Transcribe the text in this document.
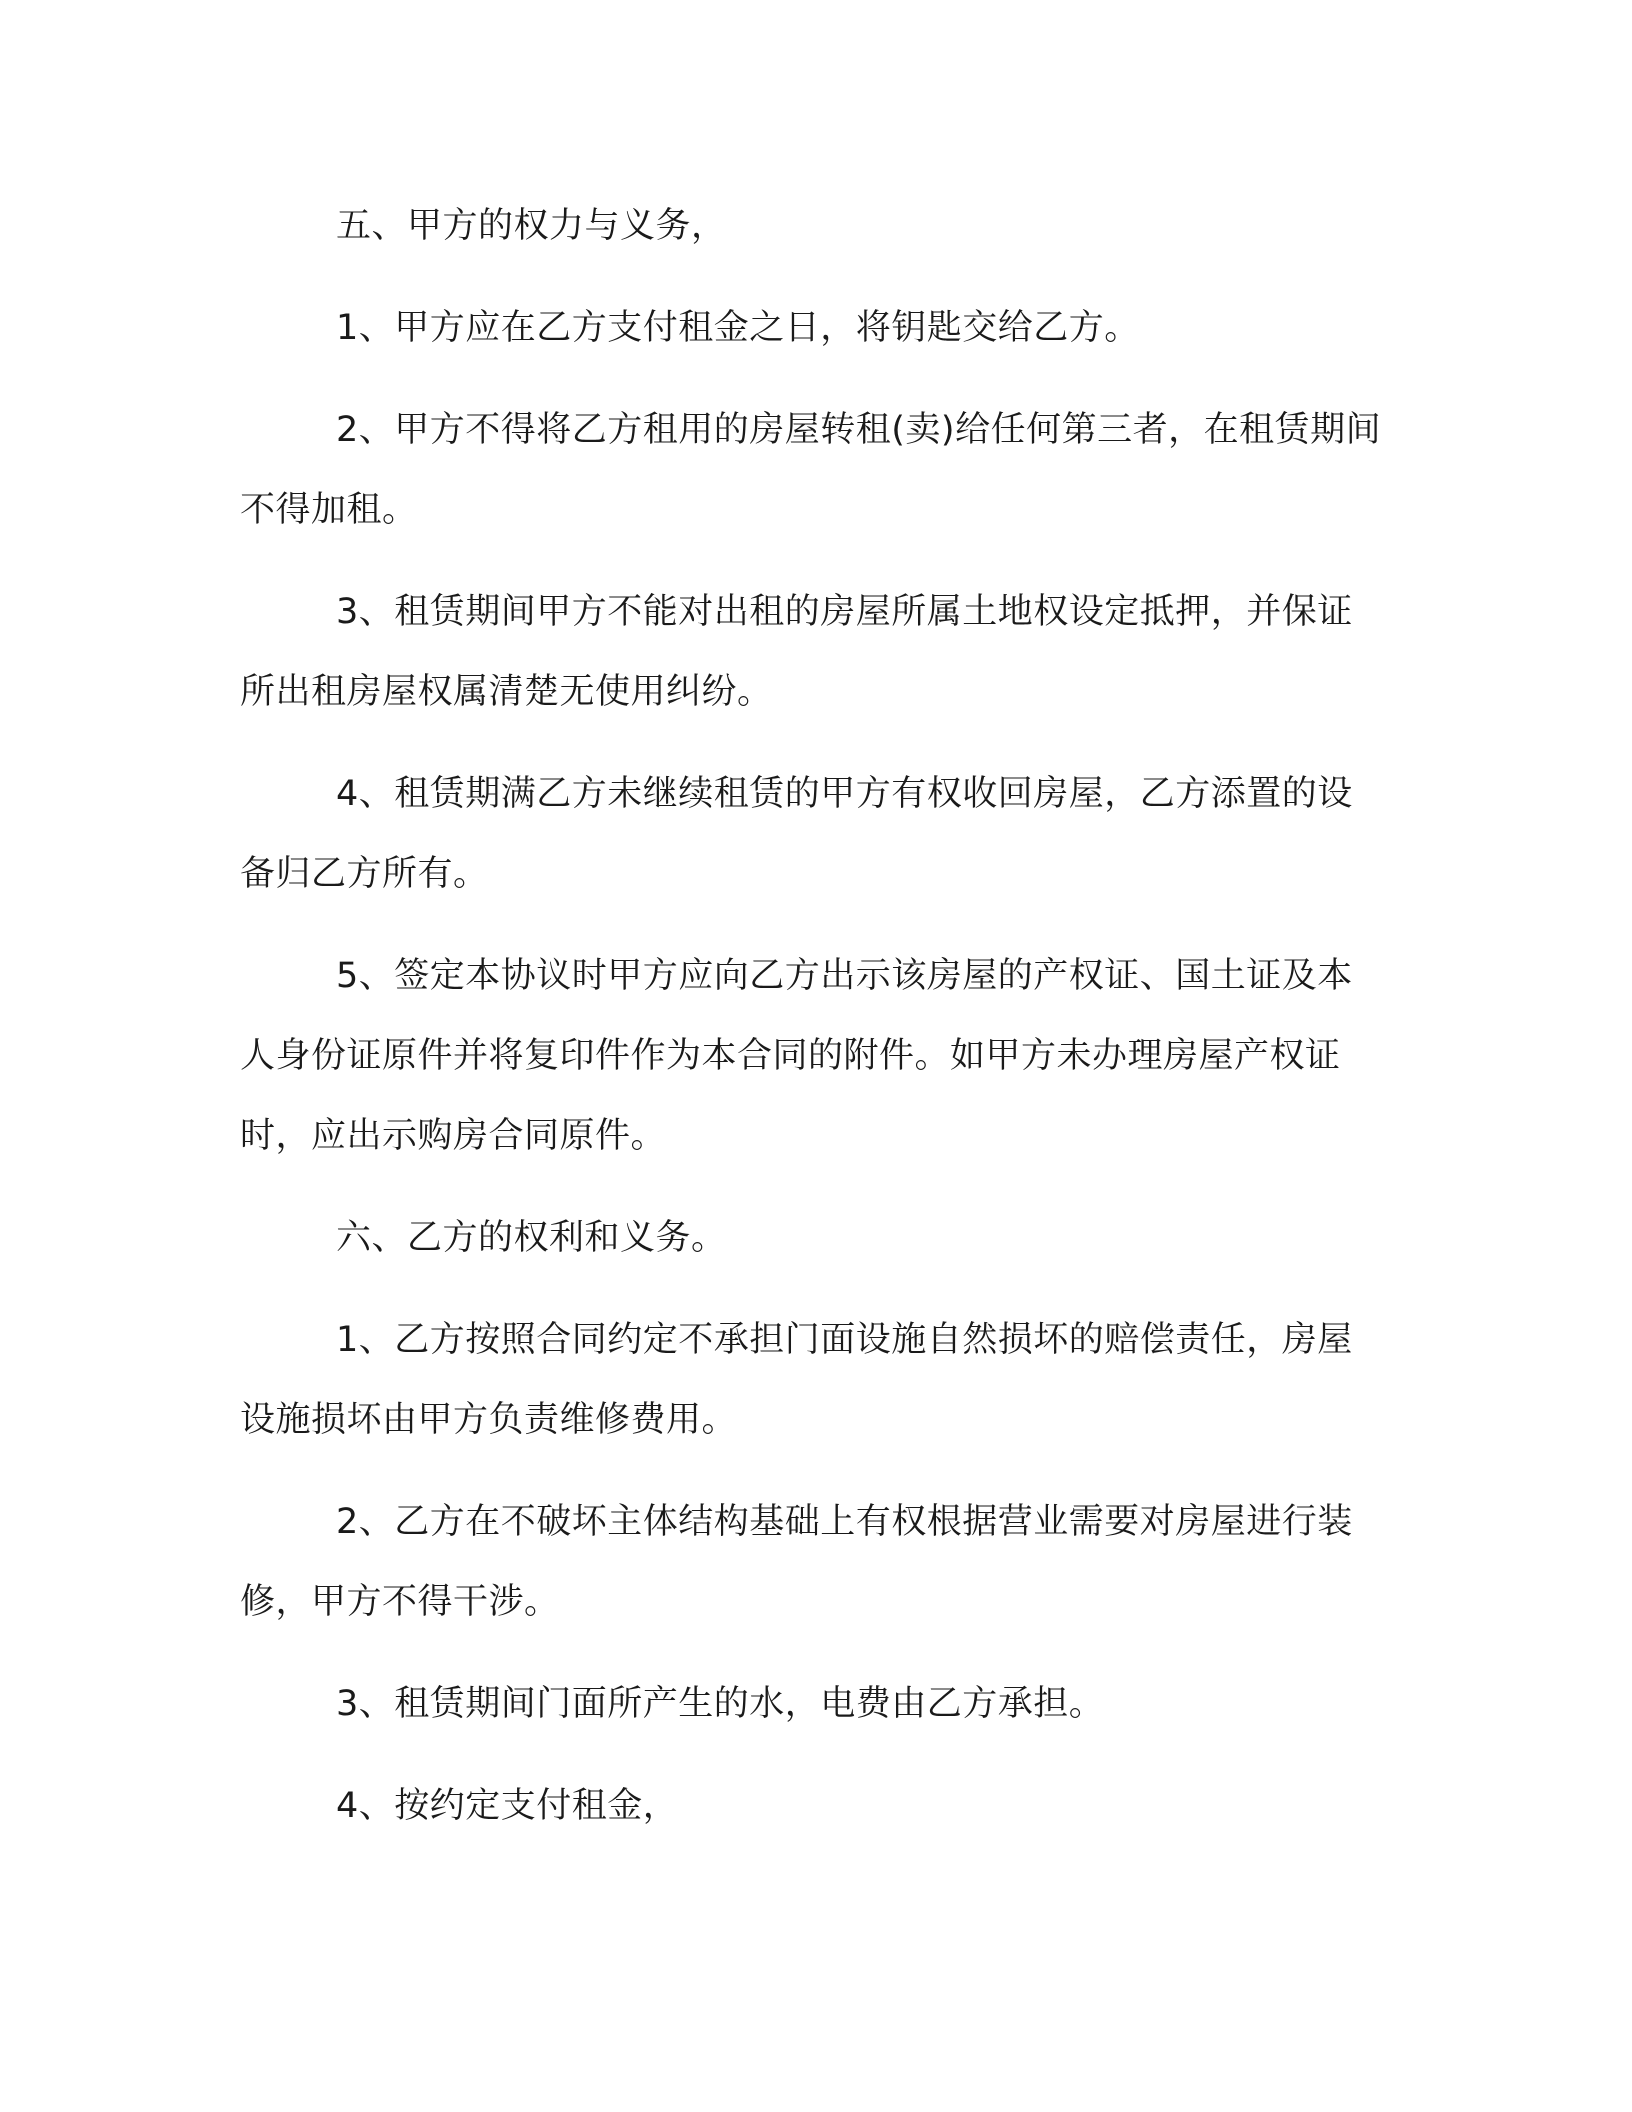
五、甲方的权力与义务，

1、甲方应在乙方支付租金之日，将钥匙交给乙方。

2、甲方不得将乙方租用的房屋转租(卖)给任何第三者，在租赁期间不得加租。

3、租赁期间甲方不能对出租的房屋所属土地权设定抵押，并保证所出租房屋权属清楚无使用纠纷。

4、租赁期满乙方未继续租赁的甲方有权收回房屋，乙方添置的设备归乙方所有。

5、签定本协议时甲方应向乙方出示该房屋的产权证、国土证及本人身份证原件并将复印件作为本合同的附件。如甲方未办理房屋产权证时，应出示购房合同原件。

六、乙方的权利和义务。

1、乙方按照合同约定不承担门面设施自然损坏的赔偿责任，房屋设施损坏由甲方负责维修费用。

2、乙方在不破坏主体结构基础上有权根据营业需要对房屋进行装修，甲方不得干涉。

3、租赁期间门面所产生的水，电费由乙方承担。

4、按约定支付租金，
